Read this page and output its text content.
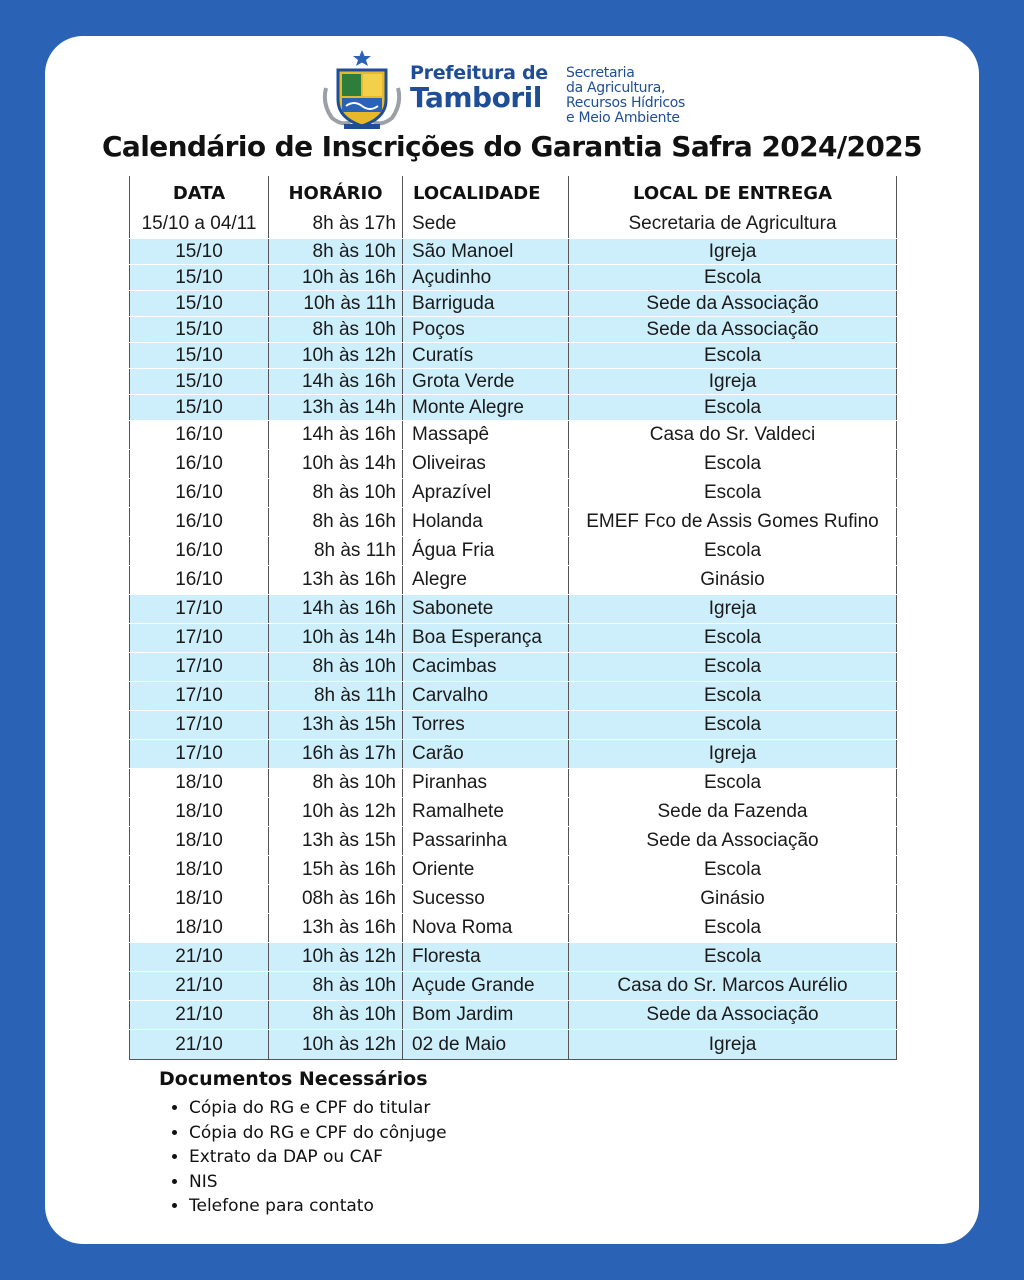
Prefeitura de
Tamboril
Secretaria
da Agricultura,
Recursos Hídricos
e Meio Ambiente
Calendário de Inscrições do Garantia Safra 2024/2025
DATA	HORÁRIO	LOCALIDADE	LOCAL DE ENTREGA
15/10 a 04/11	8h às 17h	Sede	Secretaria de Agricultura
15/10	8h às 10h	São Manoel	Igreja
15/10	10h às 16h	Açudinho	Escola
15/10	10h às 11h	Barriguda	Sede da Associação
15/10	8h às 10h	Poços	Sede da Associação
15/10	10h às 12h	Curatís	Escola
15/10	14h às 16h	Grota Verde	Igreja
15/10	13h às 14h	Monte Alegre	Escola
16/10	14h às 16h	Massapê	Casa do Sr. Valdeci
16/10	10h às 14h	Oliveiras	Escola
16/10	8h às 10h	Aprazível	Escola
16/10	8h às 16h	Holanda	EMEF Fco de Assis Gomes Rufino
16/10	8h às 11h	Água Fria	Escola
16/10	13h às 16h	Alegre	Ginásio
17/10	14h às 16h	Sabonete	Igreja
17/10	10h às 14h	Boa Esperança	Escola
17/10	8h às 10h	Cacimbas	Escola
17/10	8h às 11h	Carvalho	Escola
17/10	13h às 15h	Torres	Escola
17/10	16h às 17h	Carão	Igreja
18/10	8h às 10h	Piranhas	Escola
18/10	10h às 12h	Ramalhete	Sede da Fazenda
18/10	13h às 15h	Passarinha	Sede da Associação
18/10	15h às 16h	Oriente	Escola
18/10	08h às 16h	Sucesso	Ginásio
18/10	13h às 16h	Nova Roma	Escola
21/10	10h às 12h	Floresta	Escola
21/10	8h às 10h	Açude Grande	Casa do Sr. Marcos Aurélio
21/10	8h às 10h	Bom Jardim	Sede da Associação
21/10	10h às 12h	02 de Maio	Igreja
Documentos Necessários
• Cópia do RG e CPF do titular
• Cópia do RG e CPF do cônjuge
• Extrato da DAP ou CAF
• NIS
• Telefone para contato
